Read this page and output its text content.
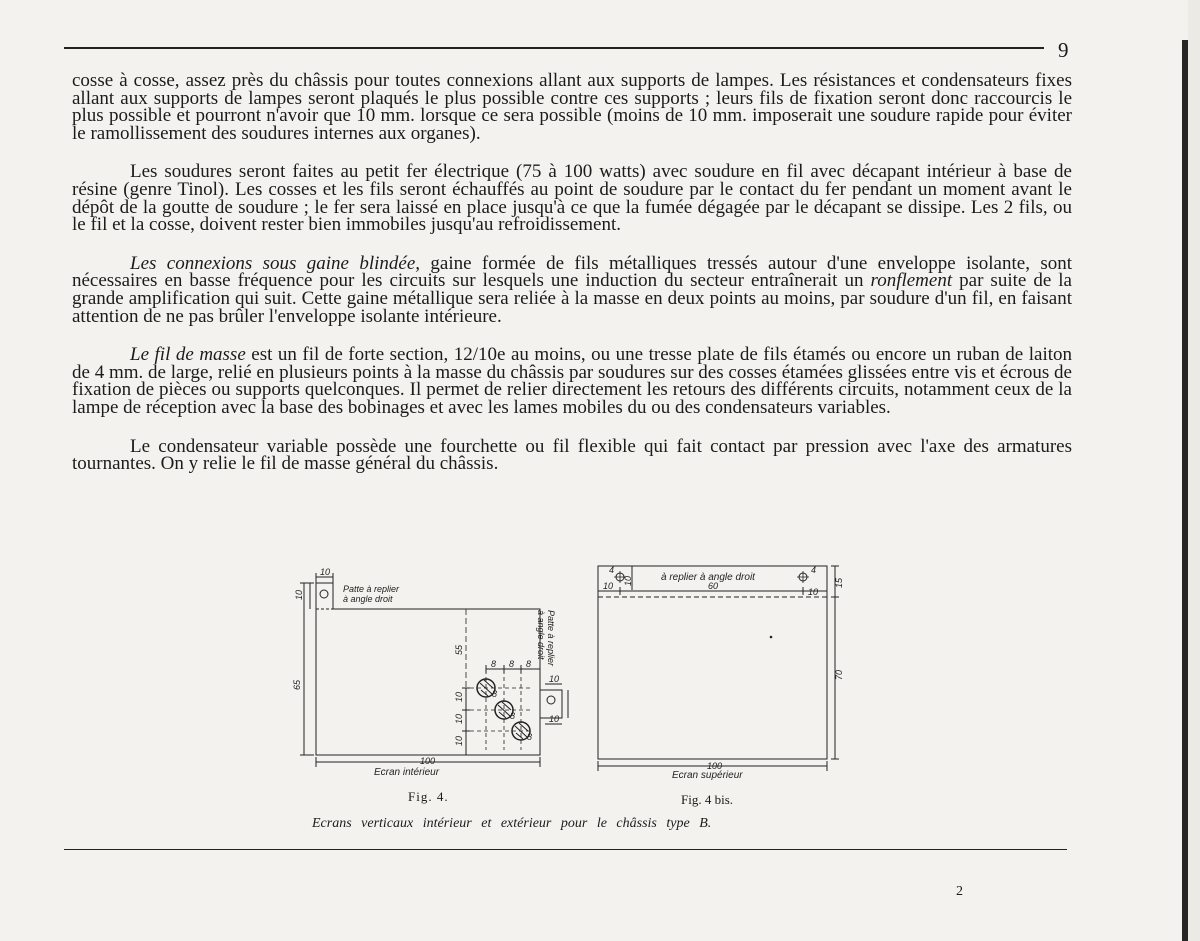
9

cosse à cosse, assez près du châssis pour toutes connexions allant aux supports de lampes. Les résistances et condensateurs fixes allant aux supports de lampes seront plaqués le plus possible contre ces supports ; leurs fils de fixation seront donc raccourcis le plus possible et pourront n'avoir que 10 mm. lorsque ce sera possible (moins de 10 mm. imposerait une soudure rapide pour éviter le ramollissement des soudures internes aux organes).

Les soudures seront faites au petit fer électrique (75 à 100 watts) avec soudure en fil avec décapant intérieur à base de résine (genre Tinol). Les cosses et les fils seront échauffés au point de soudure par le contact du fer pendant un moment avant le dépôt de la goutte de soudure ; le fer sera laissé en place jusqu'à ce que la fumée dégagée par le décapant se dissipe. Les 2 fils, ou le fil et la cosse, doivent rester bien immobiles jusqu'au refroidissement.

Les connexions sous gaine blindée, gaine formée de fils métalliques tressés autour d'une enveloppe isolante, sont nécessaires en basse fréquence pour les circuits sur lesquels une induction du secteur entraînerait un ronflement par suite de la grande amplification qui suit. Cette gaine métallique sera reliée à la masse en deux points au moins, par soudure d'un fil, en faisant attention de ne pas brûler l'enveloppe isolante intérieure.

Le fil de masse est un fil de forte section, 12/10e au moins, ou une tresse plate de fils étamés ou encore un ruban de laiton de 4 mm. de large, relié en plusieurs points à la masse du châssis par soudures sur des cosses étamées glissées entre vis et écrous de fixation de pièces ou supports quelconques. Il permet de relier directement les retours des différents circuits, notamment ceux de la lampe de réception avec la base des bobinages et avec les lames mobiles du ou des condensateurs variables.

Le condensateur variable possède une fourchette ou fil flexible qui fait contact par pression avec l'axe des armatures tournantes. On y relie le fil de masse général du châssis.

Patte à replier
à angle droit
10
10
65
55
8 8 8
10
10
10
10
10
8
8
8
Patte à replier
à angle droit
100
Ecran intérieur
à replier à angle droit
4	4
10	60
10
10	15
70
100
Ecran supérieur
Fig. 4.	Fig. 4 bis.
Ecrans verticaux intérieur et extérieur pour le châssis type B.
2
